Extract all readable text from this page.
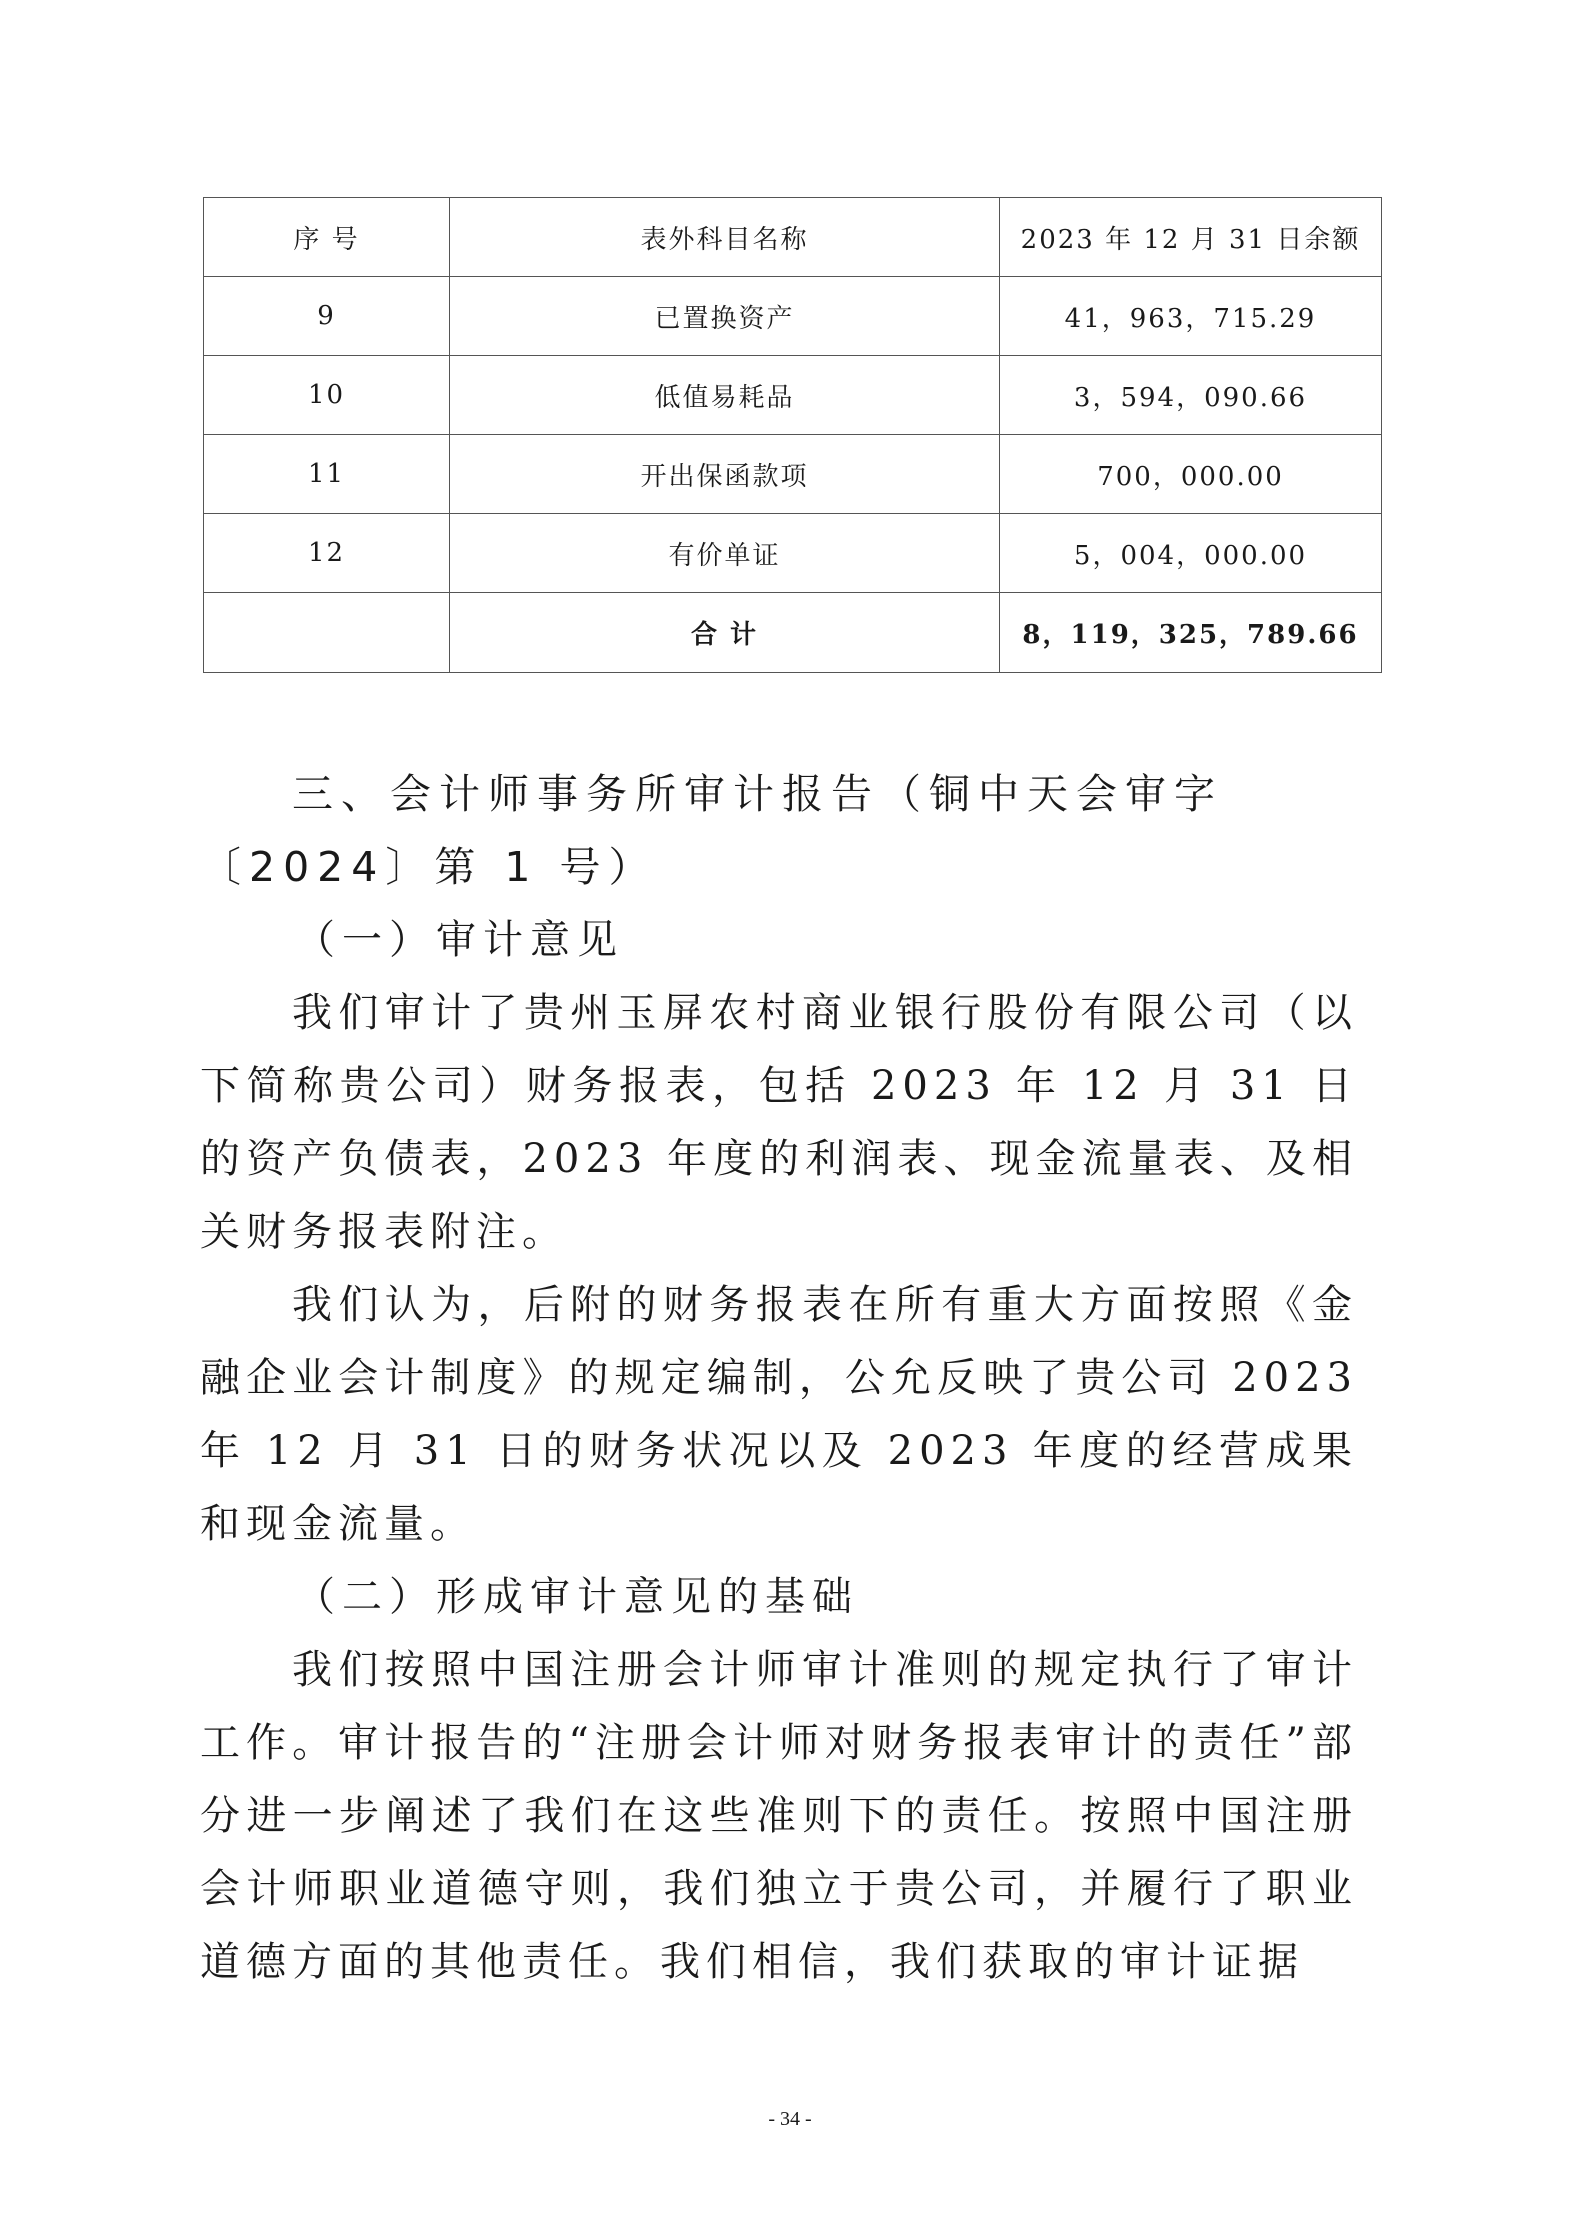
序 号	表外科目名称	2023 年 12 月 31 日余额
9	已置换资产	41，963，715.29
10	低值易耗品	3，594，090.66
11	开出保函款项	700，000.00
12	有价单证	5，004，000.00
	合 计	8，119，325，789.66

三、会计师事务所审计报告（铜中天会审字〔2024〕第 1 号）

（一）审计意见

我们审计了贵州玉屏农村商业银行股份有限公司（以下简称贵公司）财务报表，包括 2023 年 12 月 31 日的资产负债表，2023 年度的利润表、现金流量表、及相关财务报表附注。

我们认为，后附的财务报表在所有重大方面按照《金融企业会计制度》的规定编制，公允反映了贵公司 2023 年 12 月 31 日的财务状况以及 2023 年度的经营成果和现金流量。

（二）形成审计意见的基础

我们按照中国注册会计师审计准则的规定执行了审计工作。审计报告的“注册会计师对财务报表审计的责任”部分进一步阐述了我们在这些准则下的责任。按照中国注册会计师职业道德守则，我们独立于贵公司，并履行了职业道德方面的其他责任。我们相信，我们获取的审计证据

- 34 -
